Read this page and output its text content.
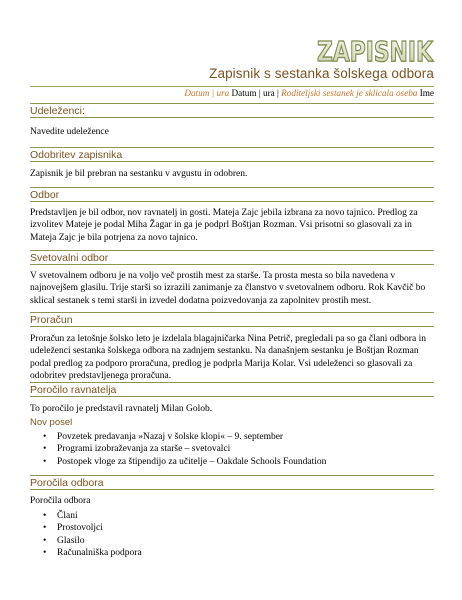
ZAPISNIK
Zapisnik s sestanka šolskega odbora
Datum | ura Datum | ura | Roditeljski sestanek je sklicala oseba Ime
Udeleženci:
Navedite udeležence
Odobritev zapisnika
Zapisnik je bil prebran na sestanku v avgustu in odobren.
Odbor
Predstavljen je bil odbor, nov ravnatelj in gosti. Mateja Zajc jebila izbrana za novo tajnico. Predlog za izvolitev Mateje je podal Miha Žagar in ga je podprl Boštjan Rozman. Vsi prisotni so glasovali za in Mateja Zajc je bila potrjena za novo tajnico.
Svetovalni odbor
V svetovalnem odboru je na voljo več prostih mest za starše. Ta prosta mesta so bila navedena v najnovejšem glasilu. Trije starši so izrazili zanimanje za članstvo v svetovalnem odboru. Rok Kavčič bo sklical sestanek s temi starši in izvedel dodatna poizvedovanja za zapolnitev prostih mest.
Proračun
Proračun za letošnje šolsko leto je izdelala blagajničarka Nina Petrič, pregledali pa so ga člani odbora in udeleženci sestanka šolskega odbora na zadnjem sestanku. Na današnjem sestanku je Boštjan Rozman podal predlog za podporo proračuna, predlog je podprla Marija Kolar. Vsi udeleženci so glasovali za odobritev predstavljenega proračuna.
Poročilo ravnatelja
To poročilo je predstavil ravnatelj Milan Golob.
Nov posel
• Povzetek predavanja »Nazaj v šolske klopi« – 9. september
• Programi izobraževanja za starše – svetovalci
• Postopek vloge za štipendijo za učitelje – Oakdale Schools Foundation
Poročila odbora
Poročila odbora
• Člani
• Prostovoljci
• Glasilo
• Računalniška podpora
